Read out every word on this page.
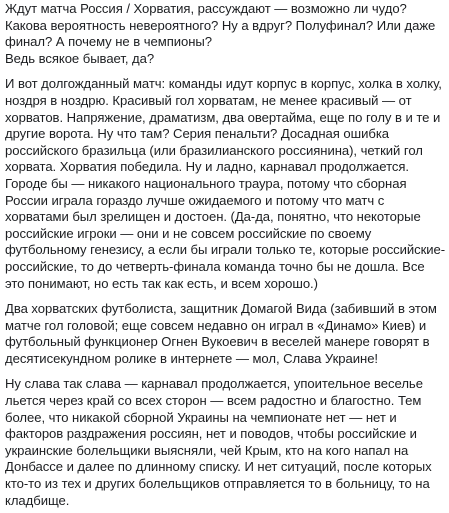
Ждут матча Россия / Хорватия, рассуждают — возможно ли чудо?
Какова вероятность невероятного? Ну а вдруг? Полуфинал? Или даже
финал? А почему не в чемпионы?
Ведь всякое бывает, да?

И вот долгожданный матч: команды идут корпус в корпус, холка в холку,
ноздря в ноздрю. Красивый гол хорватам, не менее красивый — от
хорватов. Напряжение, драматизм, два овертайма, еще по голу в и те и
другие ворота. Ну что там? Серия пенальти? Досадная ошибка
российского бразильца (или бразилианского россиянина), четкий гол
хорвата. Хорватия победила. Ну и ладно, карнавал продолжается.
Городе бы — никакого национального траура, потому что сборная
России играла гораздо лучше ожидаемого и потому что матч с
хорватами был зрелищен и достоен. (Да-да, понятно, что некоторые
российские игроки — они и не совсем российские по своему
футбольному генезису, а если бы играли только те, которые российские-
российские, то до четверть-финала команда точно бы не дошла. Все
это понимают, но есть так как есть, и всем хорошо.)

Два хорватских футболиста, защитник Домагой Вида (забивший в этом
матче гол головой; еще совсем недавно он играл в «Динамо» Киев) и
футбольный функционер Огнен Вукоевич в веселей манере говорят в
десятисекундном ролике в интернете — мол, Слава Украине!

Ну слава так слава — карнавал продолжается, упоительное веселье
льется через край со всех сторон — всем радостно и благостно. Тем
более, что никакой сборной Украины на чемпионате нет — нет и
факторов раздражения россиян, нет и поводов, чтобы российские и
украинские болельщики выясняли, чей Крым, кто на кого напал на
Донбассе и далее по длинному списку. И нет ситуаций, после которых
кто-то из тех и других болельщиков отправляется то в больницу, то на
кладбище.
